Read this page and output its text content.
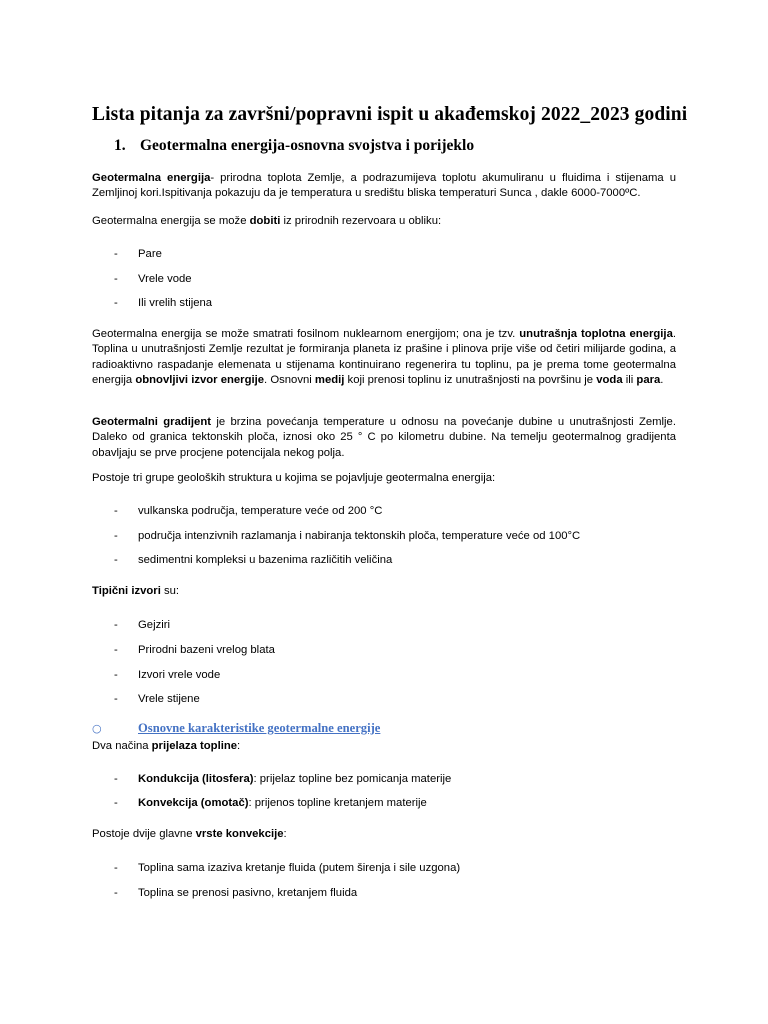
Lista pitanja za završni/popravni ispit u akađemskoj 2022_2023 godini
1. Geotermalna energija-osnovna svojstva i porijeklo
Geotermalna energija- prirodna toplota Zemlje, a podrazumijeva toplotu akumuliranu u fluidima i stijenama u Zemljinoj kori.Ispitivanja pokazuju da je temperatura u središtu bliska temperaturi Sunca , dakle 6000-7000ºC.
Geotermalna energija se može dobiti iz prirodnih rezervoara u obliku:
- Pare
- Vrele vode
- Ili vrelih stijena
Geotermalna energija se može smatrati fosilnom nuklearnom energijom; ona je tzv. unutrašnja toplotna energija. Toplina u unutrašnjosti Zemlje rezultat je formiranja planeta iz prašine i plinova prije više od četiri milijarde godina, a radioaktivno raspadanje elemenata u stijenama kontinuirano regenerira tu toplinu, pa je prema tome geotermalna energija obnovljivi izvor energije. Osnovni medij koji prenosi toplinu iz unutrašnjosti na površinu je voda ili para.
Geotermalni gradijent je brzina povećanja temperature u odnosu na povećanje dubine u unutrašnjosti Zemlje. Daleko od granica tektonskih ploča, iznosi oko 25 ° C po kilometru dubine. Na temelju geotermalnog gradijenta obavljaju se prve procjene potencijala nekog polja.
Postoje tri grupe geoloških struktura u kojima se pojavljuje geotermalna energija:
- vulkanska područja, temperature veće od 200 °C
- područja intenzivnih razlamanja i nabiranja tektonskih ploča, temperature veće od 100°C
- sedimentni kompleksi u bazenima različitih veličina
Tipični izvori su:
- Gejziri
- Prirodni bazeni vrelog blata
- Izvori vrele vode
- Vrele stijene
○	Osnovne karakteristike geotermalne energije
Dva načina prijelaza topline:
- Kondukcija (litosfera): prijelaz topline bez pomicanja materije
- Konvekcija (omotač): prijenos topline kretanjem materije
Postoje dvije glavne vrste konvekcije:
- Toplina sama izaziva kretanje fluida (putem širenja i sile uzgona)
- Toplina se prenosi pasivno, kretanjem fluida
